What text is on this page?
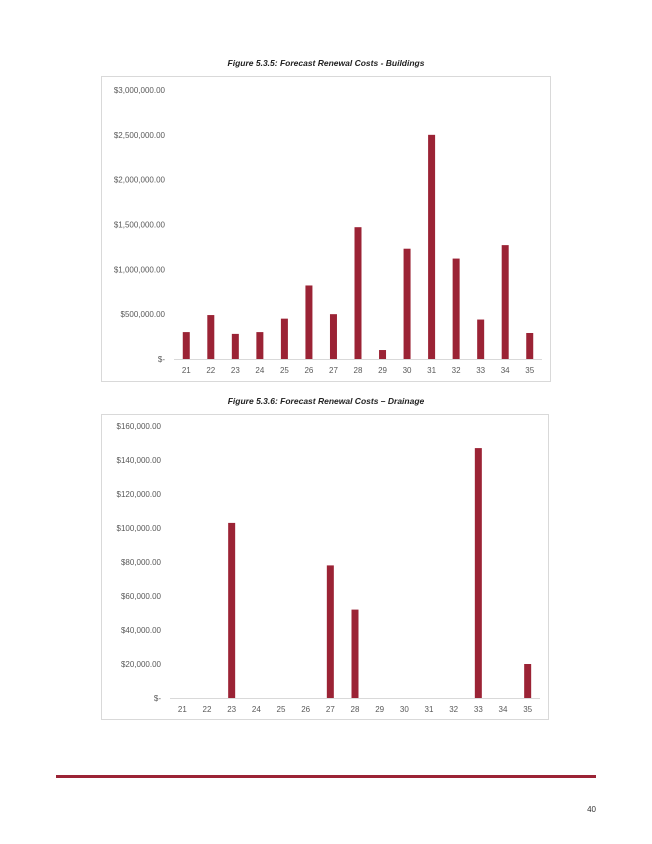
Figure 5.3.5: Forecast Renewal Costs - Buildings
$-
$500,000.00
$1,000,000.00
$1,500,000.00
$2,000,000.00
$2,500,000.00
$3,000,000.00
21 22 23 24 25 26 27 28 29 30 31 32 33 34 35
Figure 5.3.6: Forecast Renewal Costs – Drainage
$-
$20,000.00
$40,000.00
$60,000.00
$80,000.00
$100,000.00
$120,000.00
$140,000.00
$160,000.00
21 22 23 24 25 26 27 28 29 30 31 32 33 34 35
40
